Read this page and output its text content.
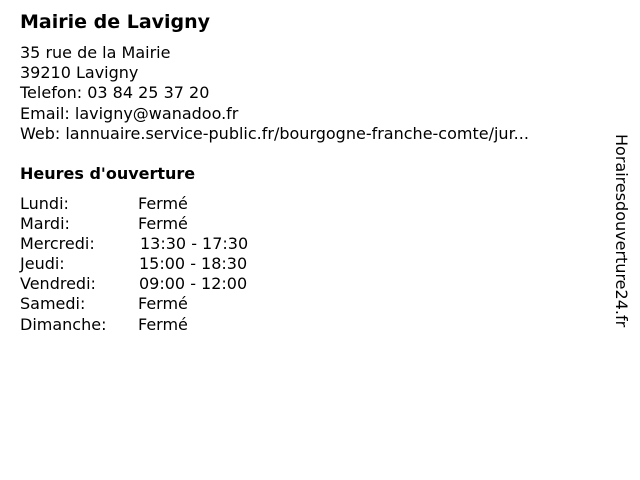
Mairie de Lavigny
35 rue de la Mairie
39210 Lavigny
Telefon: 03 84 25 37 20
Email: lavigny@wanadoo.fr
Web: lannuaire.service-public.fr/bourgogne-franche-comte/jur...
Heures d'ouverture
Lundi:	Fermé
Mardi:	Fermé
Mercredi:	13:30 - 17:30
Jeudi:	15:00 - 18:30
Vendredi:	09:00 - 12:00
Samedi:	Fermé
Dimanche: Fermé	Horairesdouverture24.fr
